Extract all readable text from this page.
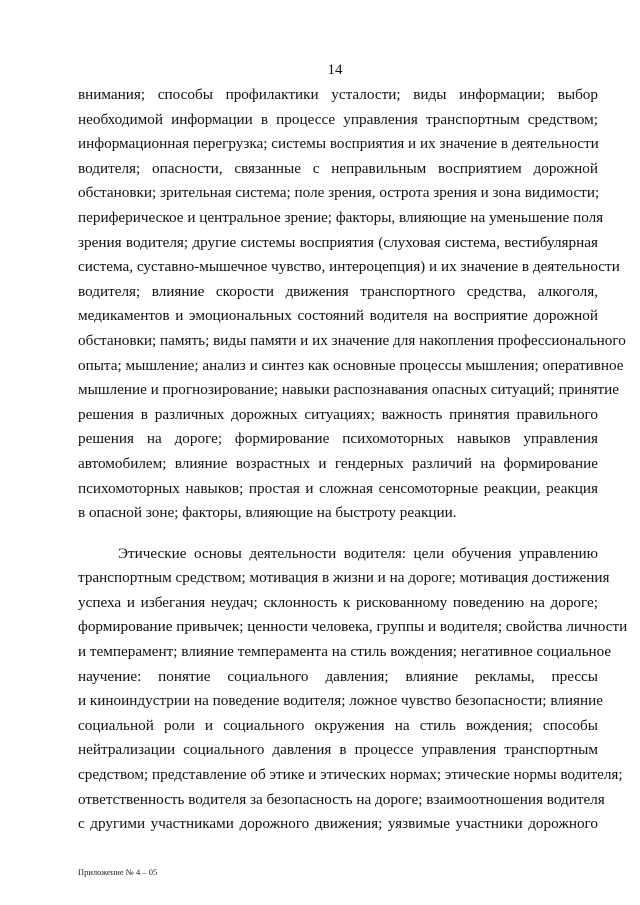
14

внимания; способы профилактики усталости; виды информации; выбор
необходимой информации в процессе управления транспортным средством;
информационная перегрузка; системы восприятия и их значение в деятельности
водителя; опасности, связанные с неправильным восприятием дорожной
обстановки; зрительная система; поле зрения, острота зрения и зона видимости;
периферическое и центральное зрение; факторы, влияющие на уменьшение поля
зрения водителя; другие системы восприятия (слуховая система, вестибулярная
система, суставно-мышечное чувство, интероцепция) и их значение в деятельности
водителя; влияние скорости движения транспортного средства, алкоголя,
медикаментов и эмоциональных состояний водителя на восприятие дорожной
обстановки; память; виды памяти и их значение для накопления профессионального
опыта; мышление; анализ и синтез как основные процессы мышления; оперативное
мышление и прогнозирование; навыки распознавания опасных ситуаций; принятие
решения в различных дорожных ситуациях; важность принятия правильного
решения на дороге; формирование психомоторных навыков управления
автомобилем; влияние возрастных и гендерных различий на формирование
психомоторных навыков; простая и сложная сенсомоторные реакции, реакция
в опасной зоне; факторы, влияющие на быстроту реакции.

Этические основы деятельности водителя: цели обучения управлению
транспортным средством; мотивация в жизни и на дороге; мотивация достижения
успеха и избегания неудач; склонность к рискованному поведению на дороге;
формирование привычек; ценности человека, группы и водителя; свойства личности
и темперамент; влияние темперамента на стиль вождения; негативное социальное
научение: понятие социального давления; влияние рекламы, прессы
и киноиндустрии на поведение водителя; ложное чувство безопасности; влияние
социальной роли и социального окружения на стиль вождения; способы
нейтрализации социального давления в процессе управления транспортным
средством; представление об этике и этических нормах; этические нормы водителя;
ответственность водителя за безопасность на дороге; взаимоотношения водителя
с другими участниками дорожного движения; уязвимые участники дорожного

Приложение № 4 – 05
